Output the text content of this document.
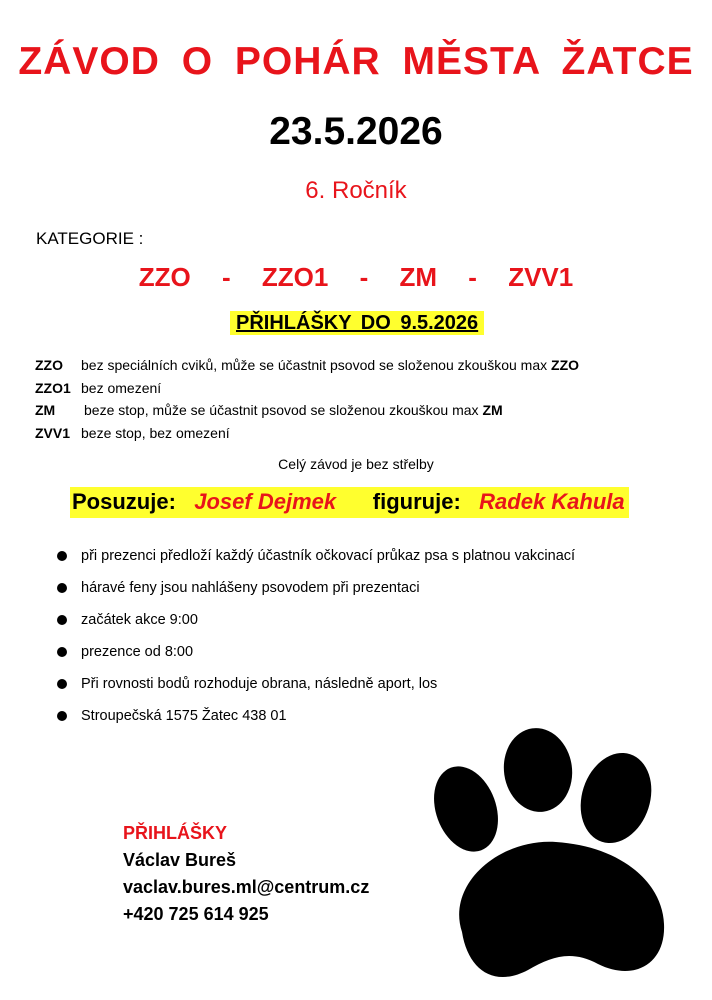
ZÁVOD O POHÁR MĚSTA ŽATCE
23.5.2026
6. Ročník
KATEGORIE :
ZZO - ZZO1 - ZM - ZVV1
PŘIHLÁŠKY DO 9.5.2026
ZZO bez speciálních cviků, může se účastnit psovod se složenou zkouškou max ZZO
ZZO1 bez omezení
ZM beze stop, může se účastnit psovod se složenou zkouškou max ZM
ZVV1 beze stop, bez omezení
Celý závod je bez střelby
Posuzuje: Josef Dejmek figuruje: Radek Kahula
při prezenci předloží každý účastník očkovací průkaz psa s platnou vakcinací
háravé feny jsou nahlášeny psovodem při prezentaci
začátek akce 9:00
prezence od 8:00
Při rovnosti bodů rozhoduje obrana, následně aport, los
Stroupečská 1575 Žatec 438 01
PŘIHLÁŠKY
Václav Bureš
vaclav.bures.ml@centrum.cz
+420 725 614 925
